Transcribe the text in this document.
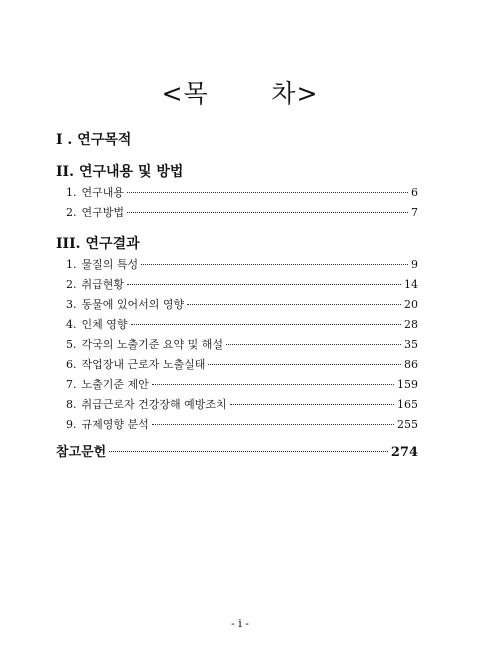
<목       차>
I . 연구목적
II. 연구내용 및 방법
1. 연구내용	6
2. 연구방법	7
III. 연구결과
1. 물질의 특성	9
2. 취급현황	14
3. 동물에 있어서의 영향	20
4. 인체 영향	28
5. 각국의 노출기준 요약 및 해설	35
6. 작업장내 근로자 노출실태	86
7. 노출기준 제안	159
8. 취급근로자 건강장해 예방조치	165
9. 규제영향 분석	255
참고문헌	274
- i -
